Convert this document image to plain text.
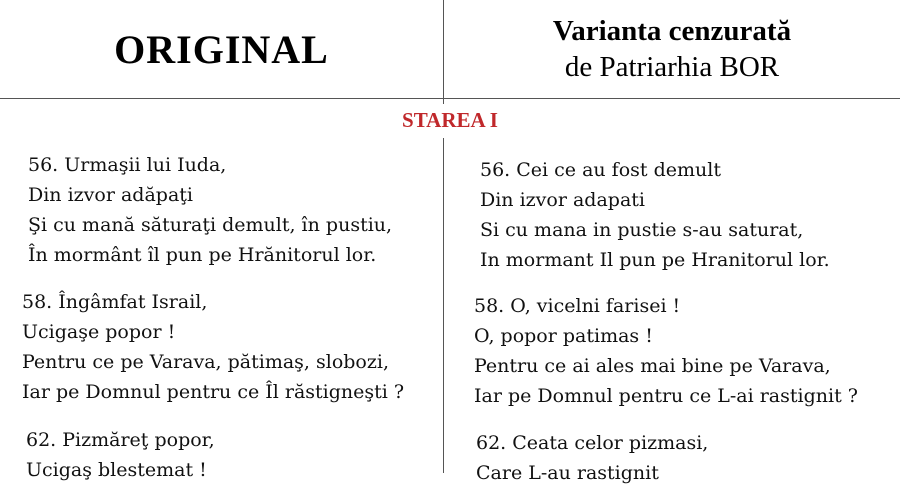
ORIGINAL	Varianta cenzurată
de Patriarhia BOR
STAREA I
56. Urmaşii lui Iuda,
Din izvor adăpaţi
Şi cu mană săturaţi demult, în pustiu,
În mormânt îl pun pe Hrănitorul lor.
56. Cei ce au fost demult
Din izvor adapati
Si cu mana in pustie s-au saturat,
In mormant Il pun pe Hranitorul lor.
58. Îngâmfat Israil,
Ucigaşe popor !
Pentru ce pe Varava, pătimaş, slobozi,
Iar pe Domnul pentru ce Îl răstigneşti ?
58. O, vicelni farisei !
O, popor patimas !
Pentru ce ai ales mai bine pe Varava,
Iar pe Domnul pentru ce L-ai rastignit ?
62. Pizmăreţ popor,
Ucigaş blestemat !
62. Ceata celor pizmasi,
Care L-au rastignit
